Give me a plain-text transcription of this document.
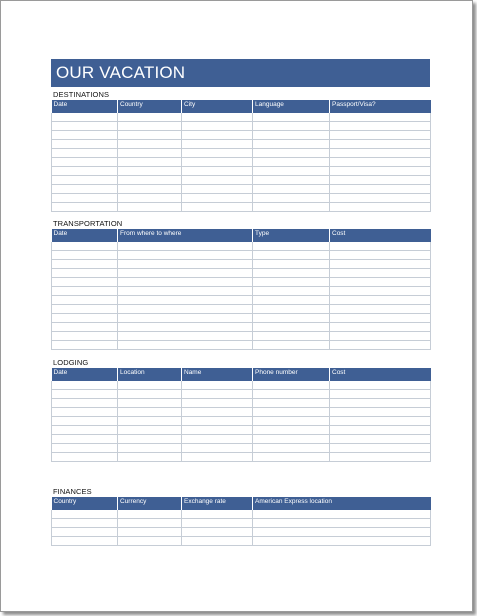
OUR VACATION
DESTINATIONS
Date	Country	City	Language	Passport/Visa?

TRANSPORTATION
Date	From where to where	Type	Cost

LODGING
Date	Location	Name	Phone number	Cost

FINANCES
Country	Currency	Exchange rate	American Express location
